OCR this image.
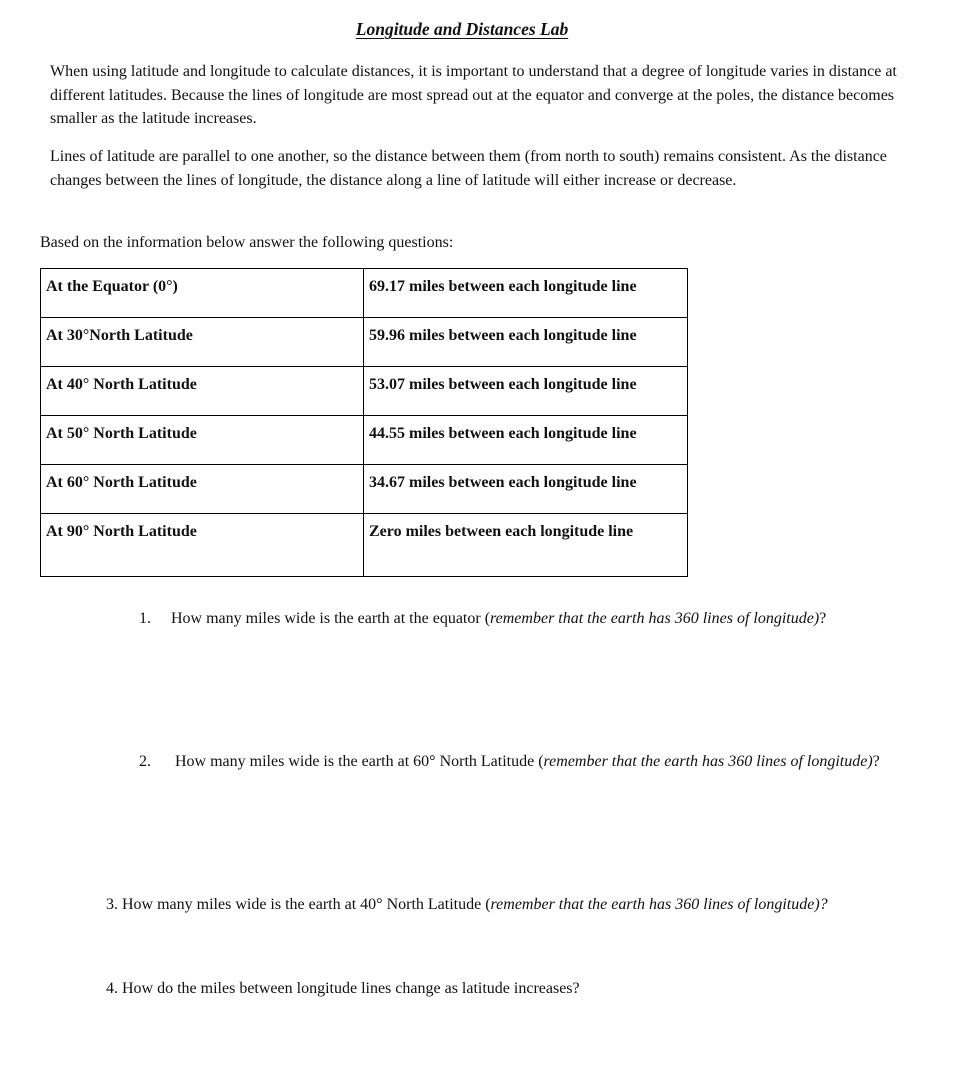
Longitude and Distances Lab

When using latitude and longitude to calculate distances, it is important to understand that a degree of longitude varies in distance at different latitudes. Because the lines of longitude are most spread out at the equator and converge at the poles, the distance becomes smaller as the latitude increases.

Lines of latitude are parallel to one another, so the distance between them (from north to south) remains consistent. As the distance changes between the lines of longitude, the distance along a line of latitude will either increase or decrease.

Based on the information below answer the following questions:

At the Equator (0°)	69.17 miles between each longitude line
At 30°North Latitude	59.96 miles between each longitude line
At 40° North Latitude	53.07 miles between each longitude line
At 50° North Latitude	44.55 miles between each longitude line
At 60° North Latitude	34.67 miles between each longitude line
At 90° North Latitude	Zero miles between each longitude line
1. How many miles wide is the earth at the equator (remember that the earth has 360 lines of longitude)?
2. How many miles wide is the earth at 60° North Latitude (remember that the earth has 360 lines of longitude)?
3. How many miles wide is the earth at 40° North Latitude (remember that the earth has 360 lines of longitude)?
4. How do the miles between longitude lines change as latitude increases?
